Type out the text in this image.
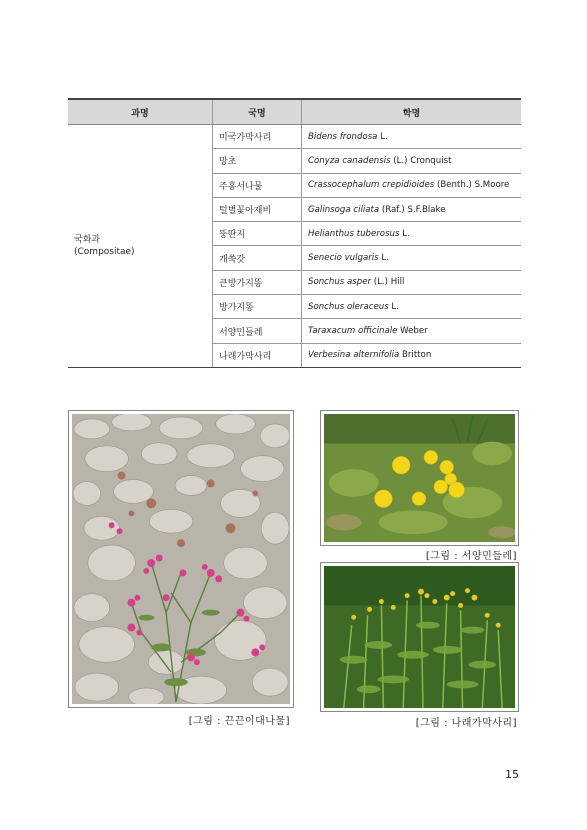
과명	국명	학명
국화과
(Compositae)	미국가막사리	Bidens frondosa L.
	망초	Conyza canadensis (L.) Cronquist
	주홍서나물	Crassocephalum crepidioides (Benth.) S.Moore
	털별꽃아재비	Galinsoga ciliata (Raf.) S.F.Blake
	뚱딴지	Helianthus tuberosus L.
	개쑥갓	Senecio vulgaris L.
	큰방가지똥	Sonchus asper (L.) Hill
	방가지똥	Sonchus oleraceus L.
	서양민들레	Taraxacum officinale Weber
	나래가막사리	Verbesina alternifolia Britton
[그림 : 서양민들레]
[그림 : 끈끈이대나물]	[그림 : 나래가막사리]
15
